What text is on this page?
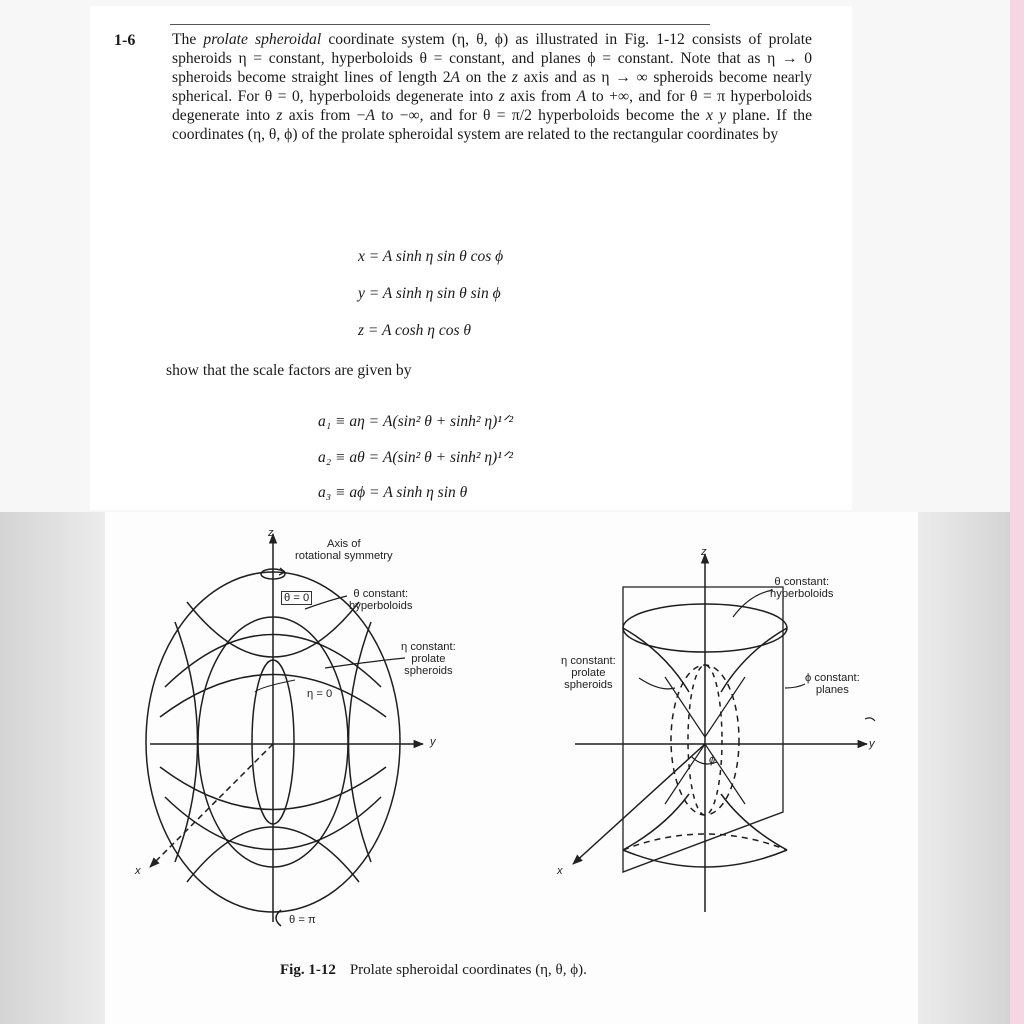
1-6 The prolate spheroidal coordinate system (η, θ, ϕ) as illustrated in Fig. 1-12 consists of prolate spheroids η = constant, hyperboloids θ = constant, and planes ϕ = constant. Note that as η → 0 spheroids become straight lines of length 2A on the z axis and as η → ∞ spheroids become nearly spherical. For θ = 0, hyperboloids degenerate into z axis from A to +∞, and for θ = π hyperboloids degenerate into z axis from −A to −∞, and for θ = π/2 hyperboloids become the x y plane. If the coordinates (η, θ, ϕ) of the prolate spheroidal system are related to the rectangular coordinates by
x = A sinh η sin θ cos ϕ
y = A sinh η sin θ sin ϕ
z = A cosh η cos θ
show that the scale factors are given by
a₁ ≡ aη = A(sin² θ + sinh² η)¹ᐟ²
a₂ ≡ aθ = A(sin² θ + sinh² η)¹ᐟ²
a₃ ≡ aϕ = A sinh η sin θ
z
y
x
Axis of
rotational symmetry
θ = 0	θ constant:
hyperboloids
η constant:
prolate
spheroids
η = 0
θ = π
z
y
x
θ constant:
hyperboloids
ϕ constant:
planes
η constant:
prolate
spheroids
ϕ
Fig. 1-12 Prolate spheroidal coordinates (η, θ, ϕ).
